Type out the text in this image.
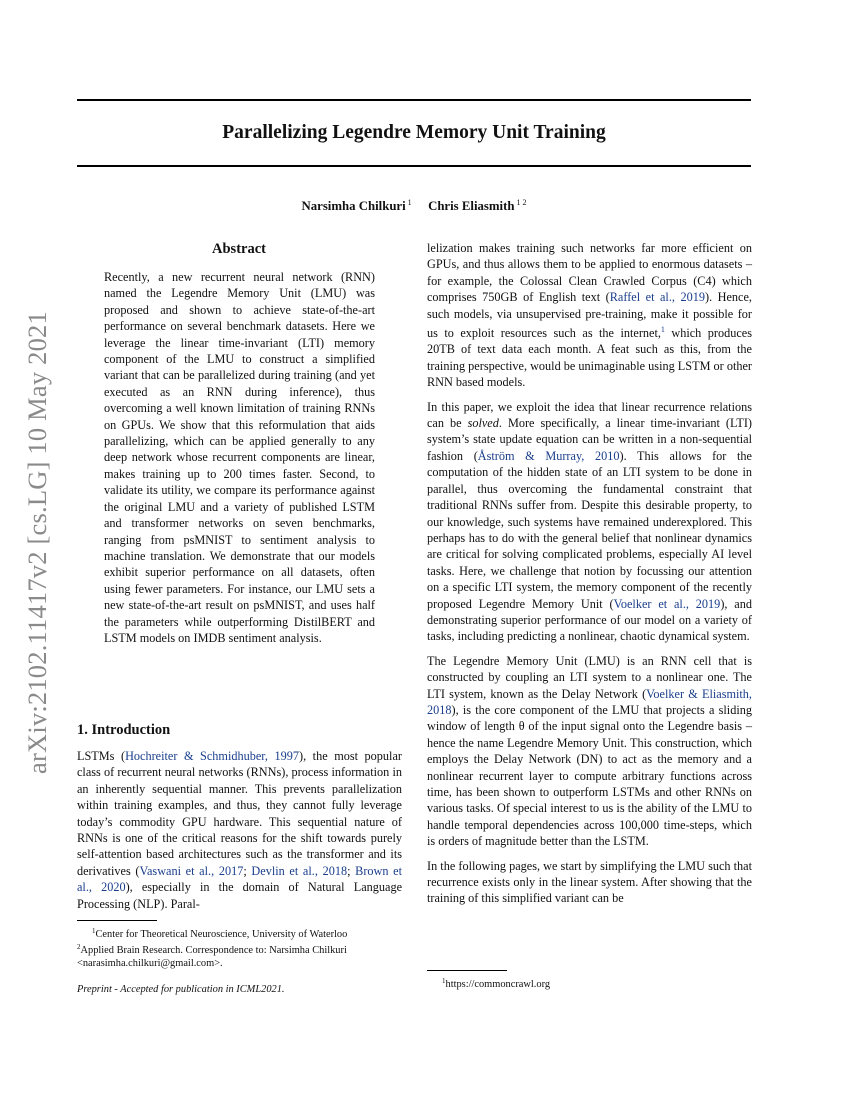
arXiv:2102.11417v2 [cs.LG] 10 May 2021
Parallelizing Legendre Memory Unit Training
Narsimha Chilkuri $^1$ Chris Eliasmith $^{1 2}$
Abstract
Recently, a new recurrent neural network (RNN) named the Legendre Memory Unit (LMU) was proposed and shown to achieve state-of-the-art performance on several benchmark datasets. Here we leverage the linear time-invariant (LTI) memory component of the LMU to construct a simplified variant that can be parallelized during training (and yet executed as an RNN during inference), thus overcoming a well known limitation of training RNNs on GPUs. We show that this reformulation that aids parallelizing, which can be applied generally to any deep network whose recurrent components are linear, makes training up to 200 times faster. Second, to validate its utility, we compare its performance against the original LMU and a variety of published LSTM and transformer networks on seven benchmarks, ranging from psMNIST to sentiment analysis to machine translation. We demonstrate that our models exhibit superior performance on all datasets, often using fewer parameters. For instance, our LMU sets a new state-of-the-art result on psMNIST, and uses half the parameters while outperforming DistilBERT and LSTM models on IMDB sentiment analysis.
1. Introduction
LSTMs (Hochreiter & Schmidhuber, 1997), the most popular class of recurrent neural networks (RNNs), process information in an inherently sequential manner. This prevents parallelization within training examples, and thus, they cannot fully leverage today’s commodity GPU hardware. This sequential nature of RNNs is one of the critical reasons for the shift towards purely self-attention based architectures such as the transformer and its derivatives (Vaswani et al., 2017; Devlin et al., 2018; Brown et al., 2020), especially in the domain of Natural Language Processing (NLP). Paral-

lelization makes training such networks far more efficient on GPUs, and thus allows them to be applied to enormous datasets – for example, the Colossal Clean Crawled Corpus (C4) which comprises 750GB of English text (Raffel et al., 2019). Hence, such models, via unsupervised pre-training, make it possible for us to exploit resources such as the internet,$^1$ which produces 20TB of text data each month. A feat such as this, from the training perspective, would be unimaginable using LSTM or other RNN based models.

In this paper, we exploit the idea that linear recurrence relations can be solved. More specifically, a linear time-invariant (LTI) system’s state update equation can be written in a non-sequential fashion (Åström & Murray, 2010). This allows for the computation of the hidden state of an LTI system to be done in parallel, thus overcoming the fundamental constraint that traditional RNNs suffer from. Despite this desirable property, to our knowledge, such systems have remained underexplored. This perhaps has to do with the general belief that nonlinear dynamics are critical for solving complicated problems, especially AI level tasks. Here, we challenge that notion by focussing our attention on a specific LTI system, the memory component of the recently proposed Legendre Memory Unit (Voelker et al., 2019), and demonstrating superior performance of our model on a variety of tasks, including predicting a nonlinear, chaotic dynamical system.

The Legendre Memory Unit (LMU) is an RNN cell that is constructed by coupling an LTI system to a nonlinear one. The LTI system, known as the Delay Network (Voelker & Eliasmith, 2018), is the core component of the LMU that projects a sliding window of length θ of the input signal onto the Legendre basis – hence the name Legendre Memory Unit. This construction, which employs the Delay Network (DN) to act as the memory and a nonlinear recurrent layer to compute arbitrary functions across time, has been shown to outperform LSTMs and other RNNs on various tasks. Of special interest to us is the ability of the LMU to handle temporal dependencies across 100,000 time-steps, which is orders of magnitude better than the LSTM.

In the following pages, we start by simplifying the LMU such that recurrence exists only in the linear system. After showing that the training of this simplified variant can be

$^1$Center for Theoretical Neuroscience, University of Waterloo
$^2$Applied Brain Research. Correspondence to: Narsimha Chilkuri <narasimha.chilkuri@gmail.com>.
Preprint - Accepted for publication in ICML2021.
$^1$https://commoncrawl.org
